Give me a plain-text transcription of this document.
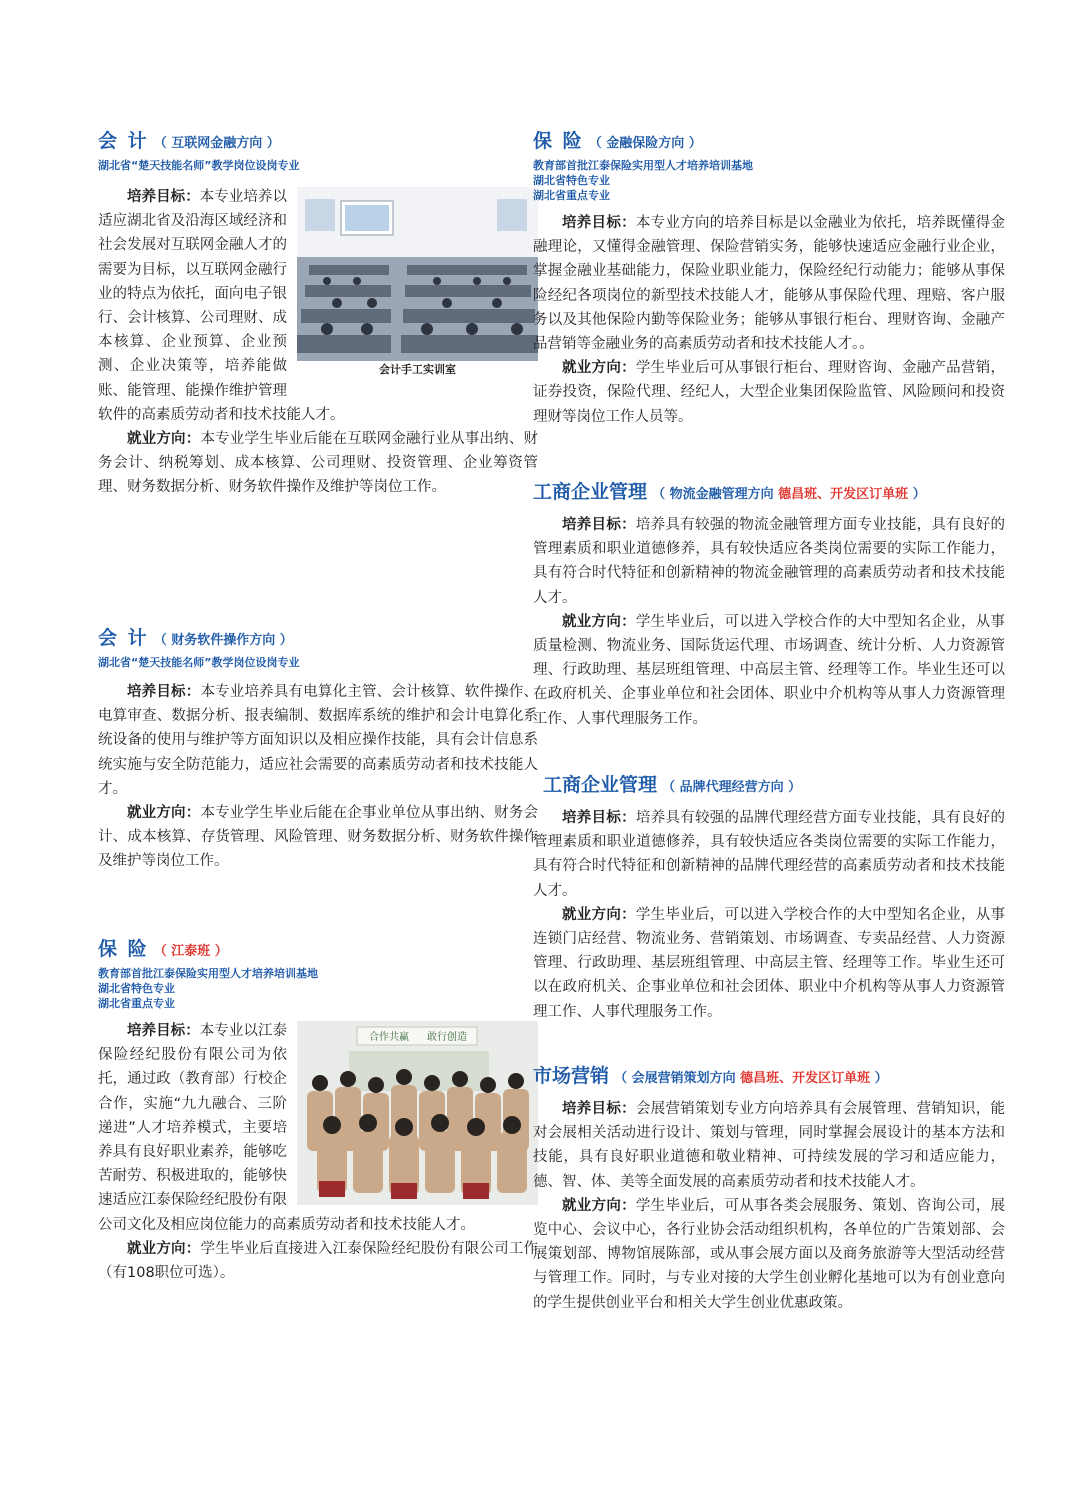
会 计 （ 互联网金融方向 ）
湖北省“楚天技能名师”教学岗位设岗专业
会计手工实训室

培养目标：本专业培养以适应湖北省及沿海区域经济和社会发展对互联网金融人才的需要为目标，以互联网金融行业的特点为依托，面向电子银行、会计核算、公司理财、成本核算、企业预算、企业预测、企业决策等，培养能做账、能管理、能操作维护管理软件的高素质劳动者和技术技能人才。

就业方向：本专业学生毕业后能在互联网金融行业从事出纳、财务会计、纳税筹划、成本核算、公司理财、投资管理、企业筹资管理、财务数据分析、财务软件操作及维护等岗位工作。

会 计 （ 财务软件操作方向 ）
湖北省“楚天技能名师”教学岗位设岗专业

培养目标：本专业培养具有电算化主管、会计核算、软件操作、电算审查、数据分析、报表编制、数据库系统的维护和会计电算化系统设备的使用与维护等方面知识以及相应操作技能，具有会计信息系统实施与安全防范能力，适应社会需要的高素质劳动者和技术技能人才。

就业方向：本专业学生毕业后能在企事业单位从事出纳、财务会计、成本核算、存货管理、风险管理、财务数据分析、财务软件操作及维护等岗位工作。

保 险 （ 江泰班 ）
教育部首批江泰保险实用型人才培养培训基地
湖北省特色专业
湖北省重点专业
合作共赢 敢行创造

培养目标：本专业以江泰保险经纪股份有限公司为依托，通过政（教育部）行校企合作，实施“九九融合、三阶递进”人才培养模式，主要培养具有良好职业素养，能够吃苦耐劳、积极进取的，能够快速适应江泰保险经纪股份有限公司文化及相应岗位能力的高素质劳动者和技术技能人才。

就业方向：学生毕业后直接进入江泰保险经纪股份有限公司工作（有108职位可选）。

保 险 （ 金融保险方向 ）
教育部首批江泰保险实用型人才培养培训基地
湖北省特色专业
湖北省重点专业

培养目标：本专业方向的培养目标是以金融业为依托，培养既懂得金融理论，又懂得金融管理、保险营销实务，能够快速适应金融行业企业，掌握金融业基础能力，保险业职业能力，保险经纪行动能力；能够从事保险经纪各项岗位的新型技术技能人才，能够从事保险代理、理赔、客户服务以及其他保险内勤等保险业务；能够从事银行柜台、理财咨询、金融产品营销等金融业务的高素质劳动者和技术技能人才。。

就业方向：学生毕业后可从事银行柜台、理财咨询、金融产品营销，证券投资，保险代理、经纪人，大型企业集团保险监管、风险顾问和投资理财等岗位工作人员等。

工商企业管理 （ 物流金融管理方向 德昌班、开发区订单班 ）

培养目标：培养具有较强的物流金融管理方面专业技能，具有良好的管理素质和职业道德修养，具有较快适应各类岗位需要的实际工作能力，具有符合时代特征和创新精神的物流金融管理的高素质劳动者和技术技能人才。

就业方向：学生毕业后，可以进入学校合作的大中型知名企业，从事质量检测、物流业务、国际货运代理、市场调查、统计分析、人力资源管理、行政助理、基层班组管理、中高层主管、经理等工作。毕业生还可以在政府机关、企事业单位和社会团体、职业中介机构等从事人力资源管理工作、人事代理服务工作。

工商企业管理 （ 品牌代理经营方向 ）

培养目标：培养具有较强的品牌代理经营方面专业技能，具有良好的管理素质和职业道德修养，具有较快适应各类岗位需要的实际工作能力，具有符合时代特征和创新精神的品牌代理经营的高素质劳动者和技术技能人才。

就业方向：学生毕业后，可以进入学校合作的大中型知名企业，从事连锁门店经营、物流业务、营销策划、市场调查、专卖品经营、人力资源管理、行政助理、基层班组管理、中高层主管、经理等工作。毕业生还可以在政府机关、企事业单位和社会团体、职业中介机构等从事人力资源管理工作、人事代理服务工作。

市场营销 （ 会展营销策划方向 德昌班、开发区订单班 ）

培养目标：会展营销策划专业方向培养具有会展管理、营销知识，能对会展相关活动进行设计、策划与管理，同时掌握会展设计的基本方法和技能，具有良好职业道德和敬业精神、可持续发展的学习和适应能力，德、智、体、美等全面发展的高素质劳动者和技术技能人才。

就业方向：学生毕业后，可从事各类会展服务、策划、咨询公司，展览中心、会议中心，各行业协会活动组织机构，各单位的广告策划部、会展策划部、博物馆展陈部，或从事会展方面以及商务旅游等大型活动经营与管理工作。同时，与专业对接的大学生创业孵化基地可以为有创业意向的学生提供创业平台和相关大学生创业优惠政策。
